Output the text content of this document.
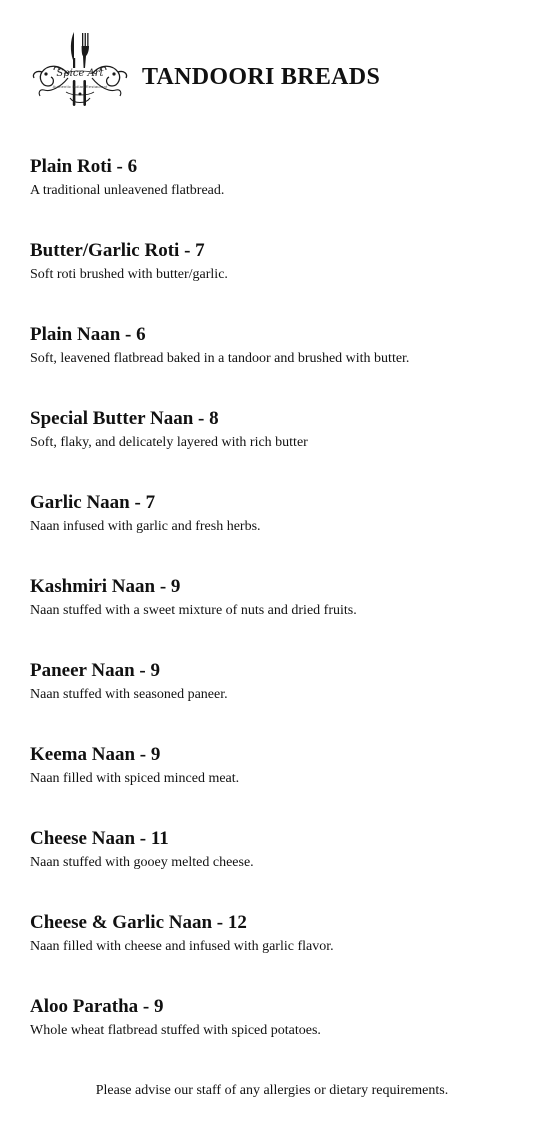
Spice Art
Authentic Indian Restaurant	TANDOORI BREADS

Plain Roti - 6

A traditional unleavened flatbread.

Butter/Garlic Roti - 7

Soft roti brushed with butter/garlic.

Plain Naan - 6

Soft, leavened flatbread baked in a tandoor and brushed with butter.

Special Butter Naan - 8

Soft, flaky, and delicately layered with rich butter

Garlic Naan - 7

Naan infused with garlic and fresh herbs.

Kashmiri Naan - 9

Naan stuffed with a sweet mixture of nuts and dried fruits.

Paneer Naan - 9

Naan stuffed with seasoned paneer.

Keema Naan - 9

Naan filled with spiced minced meat.

Cheese Naan - 11

Naan stuffed with gooey melted cheese.

Cheese & Garlic Naan - 12

Naan filled with cheese and infused with garlic flavor.

Aloo Paratha - 9

Whole wheat flatbread stuffed with spiced potatoes.

Please advise our staff of any allergies or dietary requirements.
